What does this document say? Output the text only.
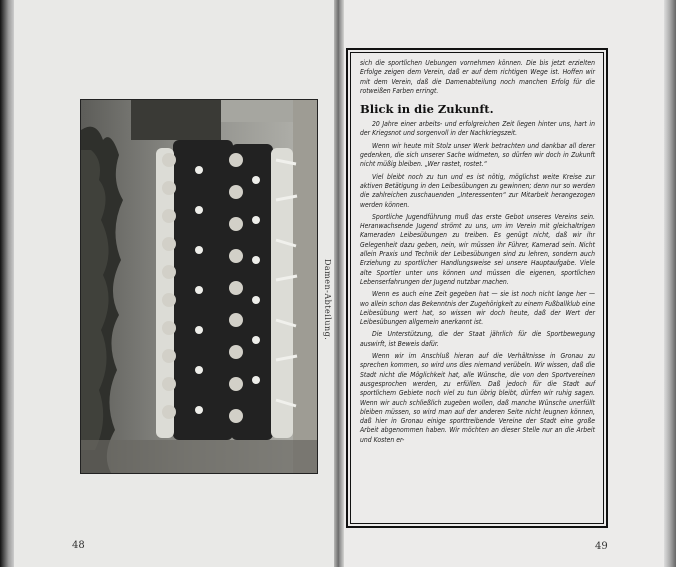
Damen-Abteilung.
48

sich die sportlichen Uebungen vornehmen können. Die bis jetzt erzielten Erfolge zeigen dem Verein, daß er auf dem richtigen Wege ist. Hoffen wir mit dem Verein, daß die Damenabteilung noch manchen Erfolg für die rotweißen Farben erringt.

Blick in die Zukunft.

20 Jahre einer arbeits- und erfolgreichen Zeit liegen hinter uns, hart in der Kriegsnot und sorgenvoll in der Nachkriegszeit.

Wenn wir heute mit Stolz unser Werk betrachten und dankbar all derer gedenken, die sich unserer Sache widmeten, so dürfen wir doch in Zukunft nicht müßig bleiben. „Wer rastet, rostet.“

Viel bleibt noch zu tun und es ist nötig, möglichst weite Kreise zur aktiven Betätigung in den Leibesübungen zu gewinnen; denn nur so werden die zahlreichen zuschauenden „Interessenten“ zur Mitarbeit herangezogen werden können.

Sportliche Jugendführung muß das erste Gebot unseres Vereins sein. Heranwachsende Jugend strömt zu uns, um im Verein mit gleichaltrigen Kameraden Leibesübungen zu treiben. Es genügt nicht, daß wir ihr Gelegenheit dazu geben, nein, wir müssen ihr Führer, Kamerad sein. Nicht allein Praxis und Technik der Leibesübungen sind zu lehren, sondern auch Erziehung zu sportlicher Handlungsweise sei unsere Hauptaufgabe. Viele alte Sportler unter uns können und müssen die eigenen, sportlichen Lebenserfahrungen der Jugend nutzbar machen.

Wenn es auch eine Zeit gegeben hat — sie ist noch nicht lange her — wo allein schon das Bekenntnis der Zugehörigkeit zu einem Fußballklub eine Leibesübung wert hat, so wissen wir doch heute, daß der Wert der Leibesübungen allgemein anerkannt ist.

Die Unterstützung, die der Staat jährlich für die Sportbewegung auswirft, ist Beweis dafür.

Wenn wir im Anschluß hieran auf die Verhältnisse in Gronau zu sprechen kommen, so wird uns dies niemand verübeln. Wir wissen, daß die Stadt nicht die Möglichkeit hat, alle Wünsche, die von den Sportvereinen ausgesprochen werden, zu erfüllen. Daß jedoch für die Stadt auf sportlichem Gebiete noch viel zu tun übrig bleibt, dürfen wir ruhig sagen. Wenn wir auch schließlich zugeben wollen, daß manche Wünsche unerfüllt bleiben müssen, so wird man auf der anderen Seite nicht leugnen können, daß hier in Gronau einige sporttreibende Vereine der Stadt eine große Arbeit abgenommen haben. Wir möchten an dieser Stelle nur an die Arbeit und Kosten er-

49
